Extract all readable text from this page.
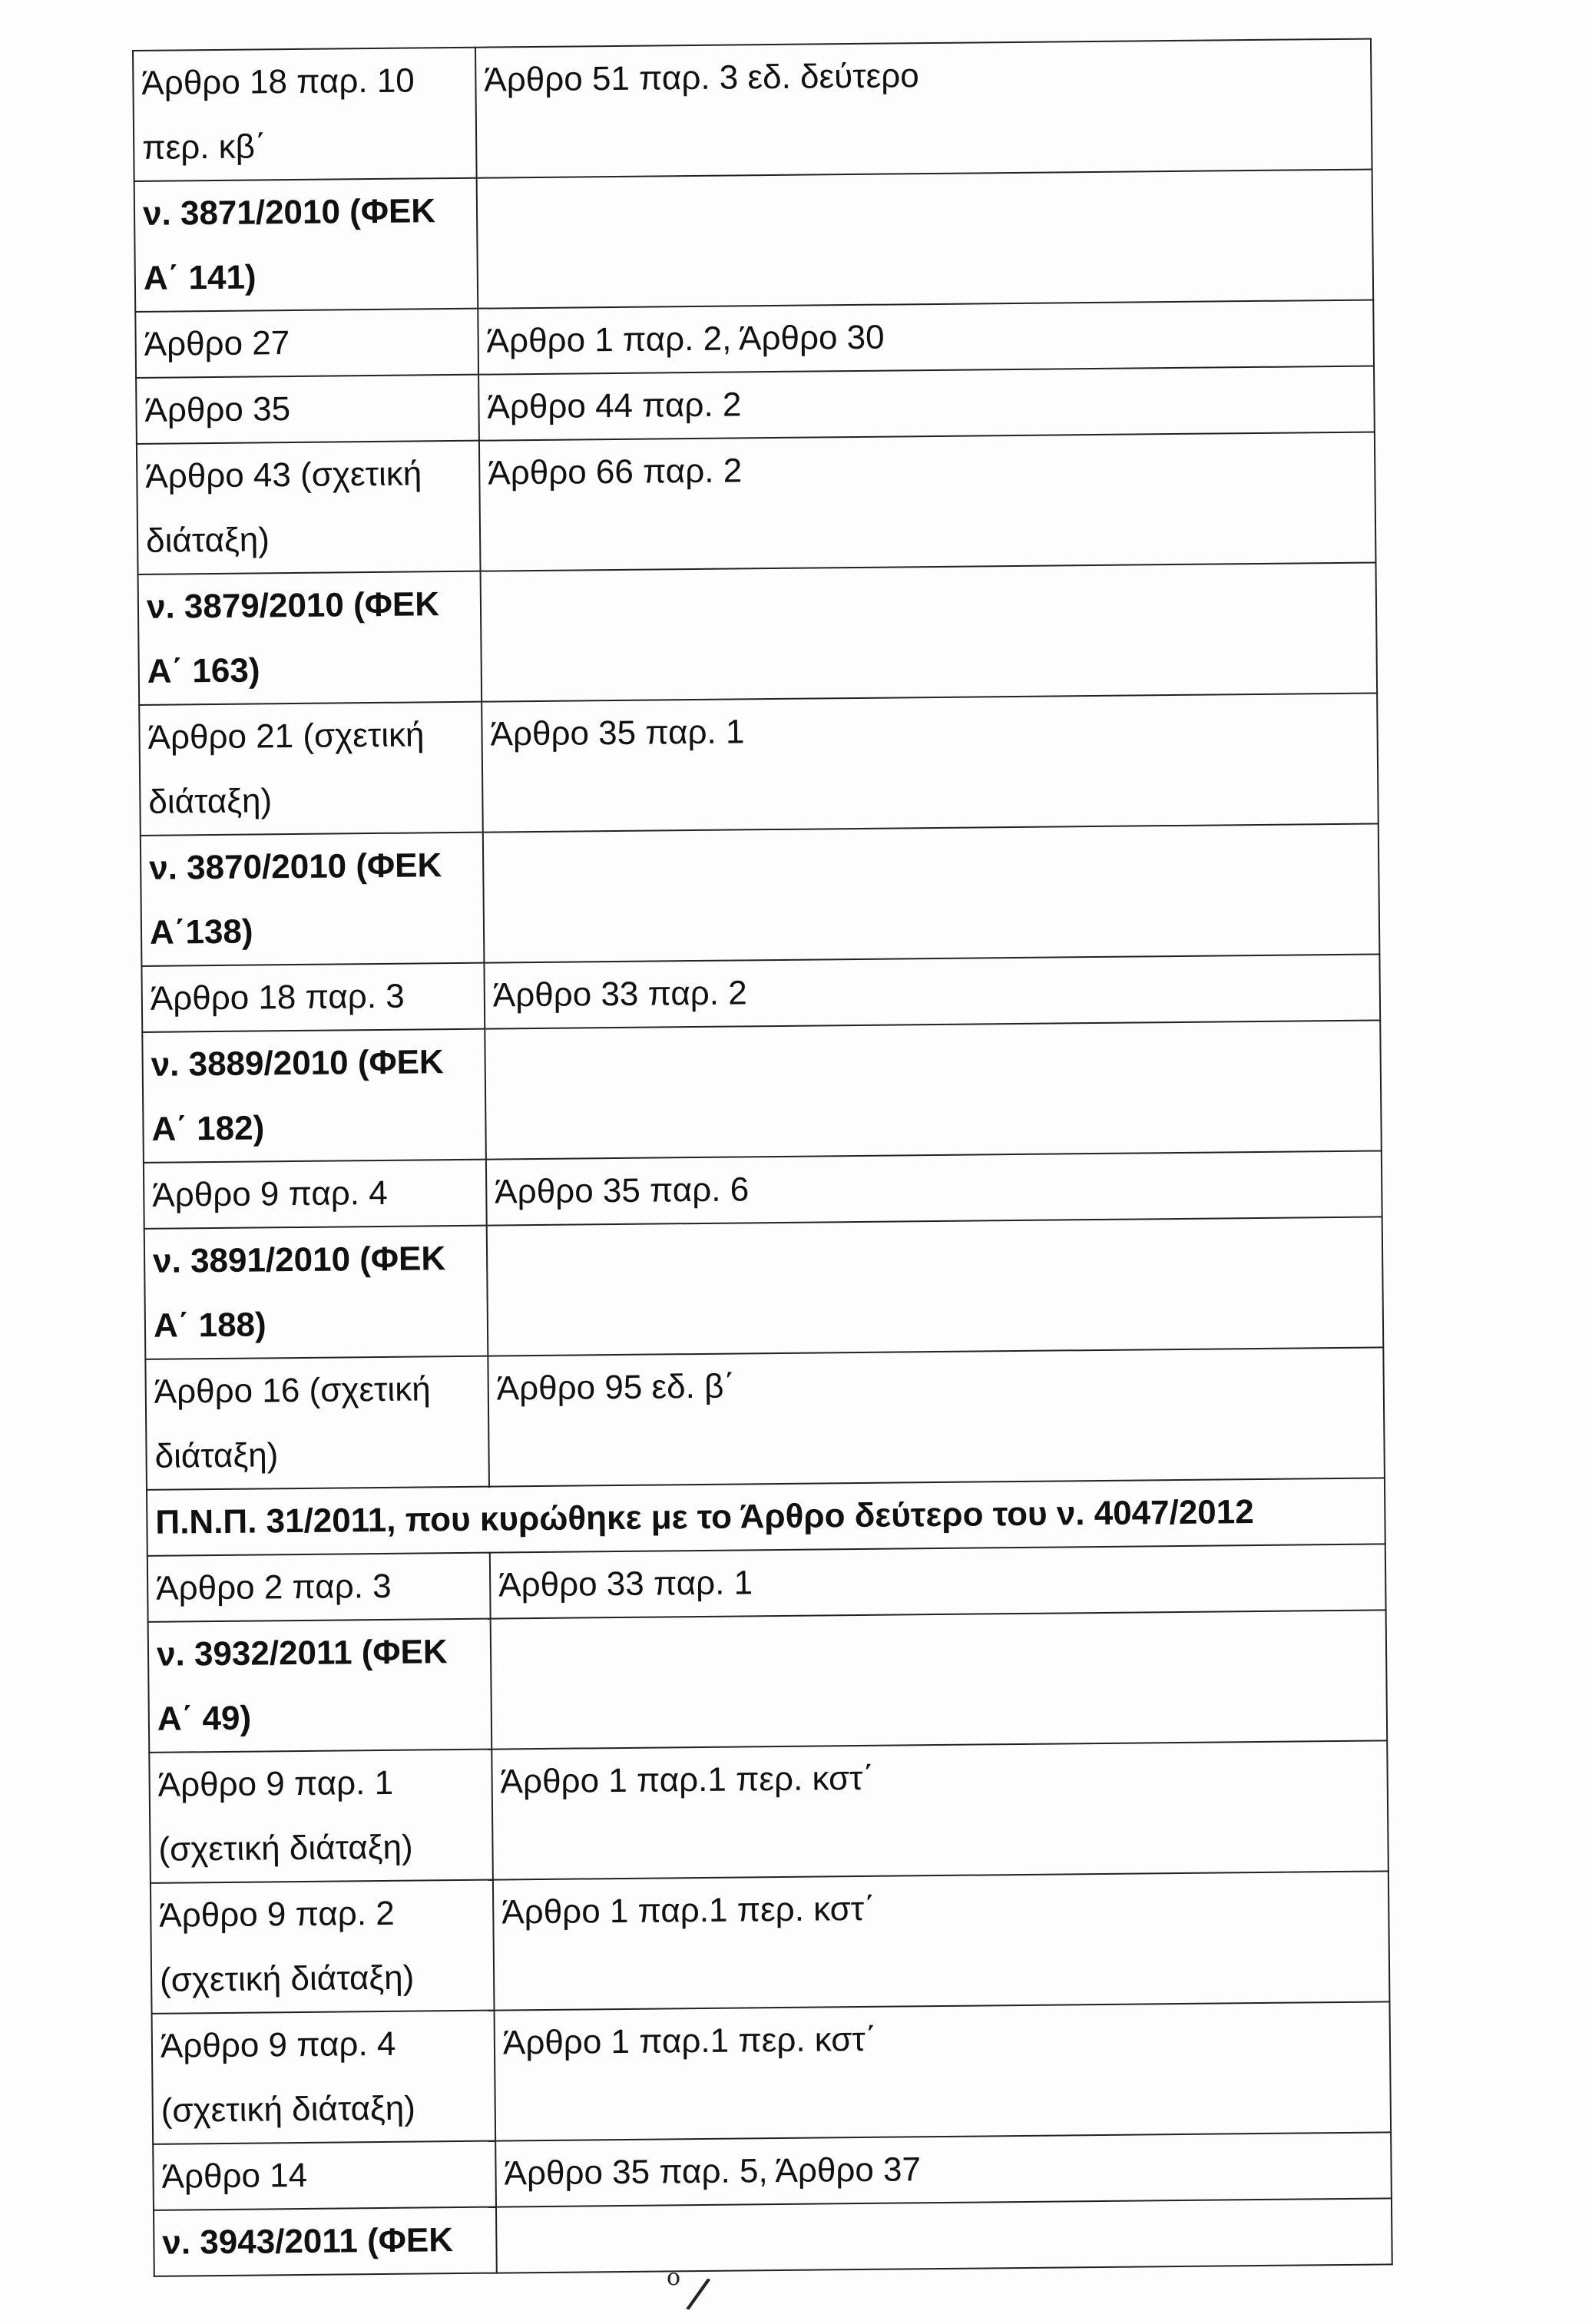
Άρθρο 18 παρ. 10 περ. κβ΄	Άρθρο 51 παρ. 3 εδ. δεύτερο
ν. 3871/2010 (ΦΕΚ Α΄ 141)	
Άρθρο 27	Άρθρο 1 παρ. 2, Άρθρο 30
Άρθρο 35	Άρθρο 44 παρ. 2
Άρθρο 43 (σχετική διάταξη)	Άρθρο 66 παρ. 2
ν. 3879/2010 (ΦΕΚ Α΄ 163)	
Άρθρο 21 (σχετική διάταξη)	Άρθρο 35 παρ. 1
ν. 3870/2010 (ΦΕΚ Α΄138)	
Άρθρο 18 παρ. 3	Άρθρο 33 παρ. 2
ν. 3889/2010 (ΦΕΚ Α΄ 182)	
Άρθρο 9 παρ. 4	Άρθρο 35 παρ. 6
ν. 3891/2010 (ΦΕΚ Α΄ 188)	
Άρθρο 16 (σχετική διάταξη)	Άρθρο 95 εδ. β΄
Π.Ν.Π. 31/2011, που κυρώθηκε με το Άρθρο δεύτερο του ν. 4047/2012	
Άρθρο 2 παρ. 3	Άρθρο 33 παρ. 1
ν. 3932/2011 (ΦΕΚ Α΄ 49)	
Άρθρο 9 παρ. 1 (σχετική διάταξη)	Άρθρο 1 παρ.1 περ. κστ΄
Άρθρο 9 παρ. 2 (σχετική διάταξη)	Άρθρο 1 παρ.1 περ. κστ΄
Άρθρο 9 παρ. 4 (σχετική διάταξη)	Άρθρο 1 παρ.1 περ. κστ΄
Άρθρο 14	Άρθρο 35 παρ. 5, Άρθρο 37
ν. 3943/2011 (ΦΕΚ	
ο /
